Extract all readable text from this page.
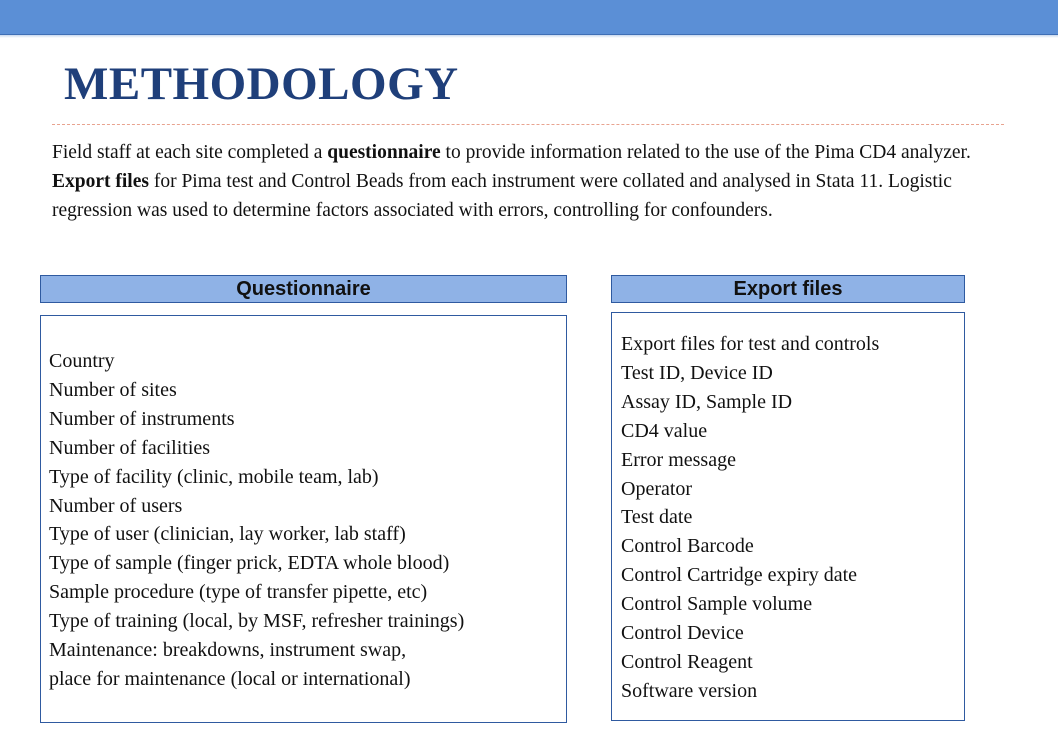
METHODOLOGY

Field staff at each site completed a questionnaire to provide information related to the use of the Pima CD4 analyzer. Export files for Pima test and Control Beads from each instrument were collated and analysed in Stata 11. Logistic regression was used to determine factors associated with errors, controlling for confounders.

Questionnaire	Export files
Country
Number of sites
Number of instruments
Number of facilities
Type of facility (clinic, mobile team, lab)
Number of users
Type of user (clinician, lay worker, lab staff)
Type of sample (finger prick, EDTA whole blood)
Sample procedure (type of transfer pipette, etc)
Type of training (local, by MSF, refresher trainings)
Maintenance: breakdowns, instrument swap,
place for maintenance (local or international)
Export files for test and controls
Test ID, Device ID
Assay ID, Sample ID
CD4 value
Error message
Operator
Test date
Control Barcode
Control Cartridge expiry date
Control Sample volume
Control Device
Control Reagent
Software version
